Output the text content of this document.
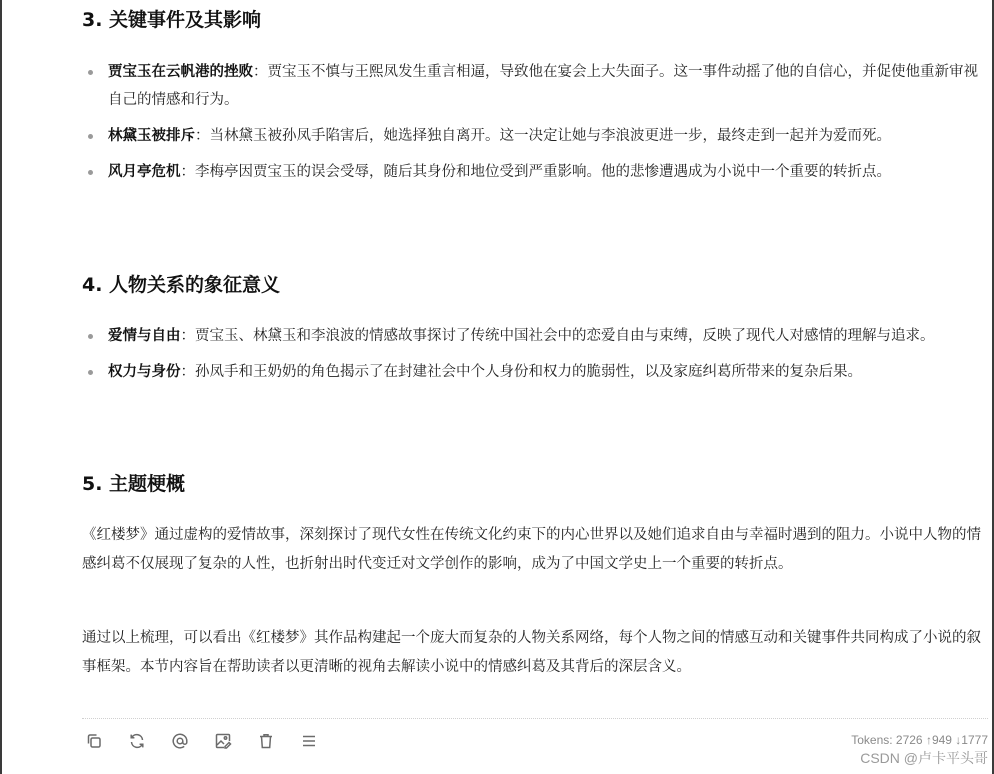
3. 关键事件及其影响
贾宝玉在云帆港的挫败：贾宝玉不慎与王熙凤发生重言相逼，导致他在宴会上大失面子。这一事件动摇了他的自信心，并促使他重新审视自己的情感和行为。
林黛玉被排斥：当林黛玉被孙凤手陷害后，她选择独自离开。这一决定让她与李浪波更进一步，最终走到一起并为爱而死。
风月亭危机：李梅亭因贾宝玉的误会受辱，随后其身份和地位受到严重影响。他的悲惨遭遇成为小说中一个重要的转折点。
4. 人物关系的象征意义
爱情与自由：贾宝玉、林黛玉和李浪波的情感故事探讨了传统中国社会中的恋爱自由与束缚，反映了现代人对感情的理解与追求。
权力与身份：孙凤手和王奶奶的角色揭示了在封建社会中个人身份和权力的脆弱性，以及家庭纠葛所带来的复杂后果。
5. 主题梗概

《红楼梦》通过虚构的爱情故事，深刻探讨了现代女性在传统文化约束下的内心世界以及她们追求自由与幸福时遇到的阻力。小说中人物的情感纠葛不仅展现了复杂的人性，也折射出时代变迁对文学创作的影响，成为了中国文学史上一个重要的转折点。

通过以上梳理，可以看出《红楼梦》其作品构建起一个庞大而复杂的人物关系网络，每个人物之间的情感互动和关键事件共同构成了小说的叙事框架。本节内容旨在帮助读者以更清晰的视角去解读小说中的情感纠葛及其背后的深层含义。

Tokens: 2726 ↑949 ↓1777
CSDN @卢卡平头哥
